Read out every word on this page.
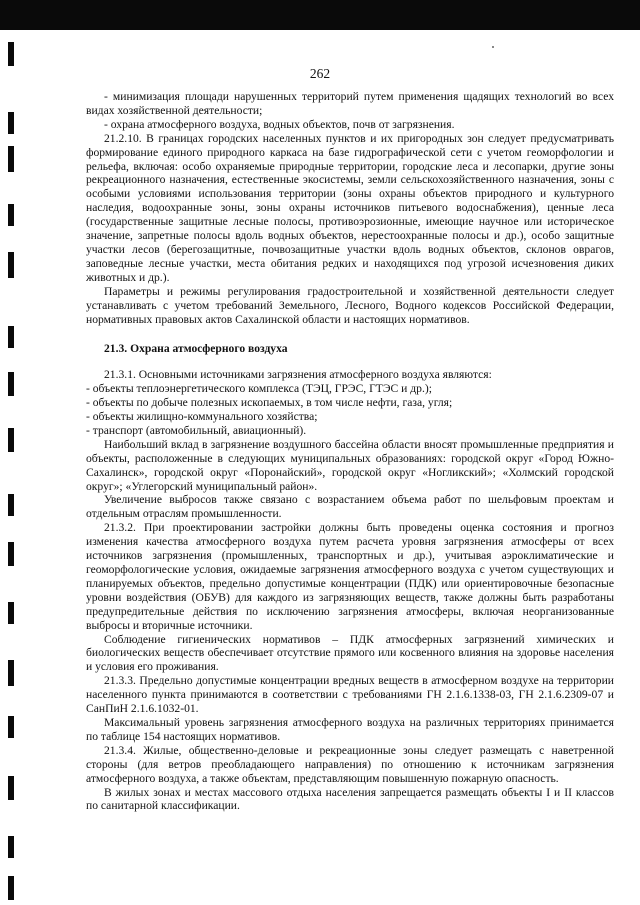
262

- минимизация площади нарушенных территорий путем применения щадящих технологий во всех видах хозяйственной деятельности;

- охрана атмосферного воздуха, водных объектов, почв от загрязнения.

21.2.10. В границах городских населенных пунктов и их пригородных зон следует предусматривать формирование единого природного каркаса на базе гидрографической сети с учетом геоморфологии и рельефа, включая: особо охраняемые природные территории, городские леса и лесопарки, другие зоны рекреационного назначения, естественные экосистемы, земли сельскохозяйственного назначения, зоны с особыми условиями использования территории (зоны охраны объектов природного и культурного наследия, водоохранные зоны, зоны охраны источников питьевого водоснабжения), ценные леса (государственные защитные лесные полосы, противоэрозионные, имеющие научное или историческое значение, запретные полосы вдоль водных объектов, нерестоохранные полосы и др.), особо защитные участки лесов (берегозащитные, почвозащитные участки вдоль водных объектов, склонов оврагов, заповедные лесные участки, места обитания редких и находящихся под угрозой исчезновения диких животных и др.).

Параметры и режимы регулирования градостроительной и хозяйственной деятельности следует устанавливать с учетом требований Земельного, Лесного, Водного кодексов Российской Федерации, нормативных правовых актов Сахалинской области и настоящих нормативов.

21.3. Охрана атмосферного воздуха

21.3.1. Основными источниками загрязнения атмосферного воздуха являются:

- объекты теплоэнергетического комплекса (ТЭЦ, ГРЭС, ГТЭС и др.);

- объекты по добыче полезных ископаемых, в том числе нефти, газа, угля;

- объекты жилищно-коммунального хозяйства;

- транспорт (автомобильный, авиационный).

Наибольший вклад в загрязнение воздушного бассейна области вносят промышленные предприятия и объекты, расположенные в следующих муниципальных образованиях: городской округ «Город Южно-Сахалинск», городской округ «Поронайский», городской округ «Ногликский»; «Холмский городской округ»; «Углегорский муниципальный район».

Увеличение выбросов также связано с возрастанием объема работ по шельфовым проектам и отдельным отраслям промышленности.

21.3.2. При проектировании застройки должны быть проведены оценка состояния и прогноз изменения качества атмосферного воздуха путем расчета уровня загрязнения атмосферы от всех источников загрязнения (промышленных, транспортных и др.), учитывая аэроклиматические и геоморфологические условия, ожидаемые загрязнения атмосферного воздуха с учетом существующих и планируемых объектов, предельно допустимые концентрации (ПДК) или ориентировочные безопасные уровни воздействия (ОБУВ) для каждого из загрязняющих веществ, также должны быть разработаны предупредительные действия по исключению загрязнения атмосферы, включая неорганизованные выбросы и вторичные источники.

Соблюдение гигиенических нормативов – ПДК атмосферных загрязнений химических и биологических веществ обеспечивает отсутствие прямого или косвенного влияния на здоровье населения и условия его проживания.

21.3.3. Предельно допустимые концентрации вредных веществ в атмосферном воздухе на территории населенного пункта принимаются в соответствии с требованиями ГН 2.1.6.1338-03, ГН 2.1.6.2309-07 и СанПиН 2.1.6.1032-01.

Максимальный уровень загрязнения атмосферного воздуха на различных территориях принимается по таблице 154 настоящих нормативов.

21.3.4. Жилые, общественно-деловые и рекреационные зоны следует размещать с наветренной стороны (для ветров преобладающего направления) по отношению к источникам загрязнения атмосферного воздуха, а также объектам, представляющим повышенную пожарную опасность.

В жилых зонах и местах массового отдыха населения запрещается размещать объекты I и II классов по санитарной классификации.
